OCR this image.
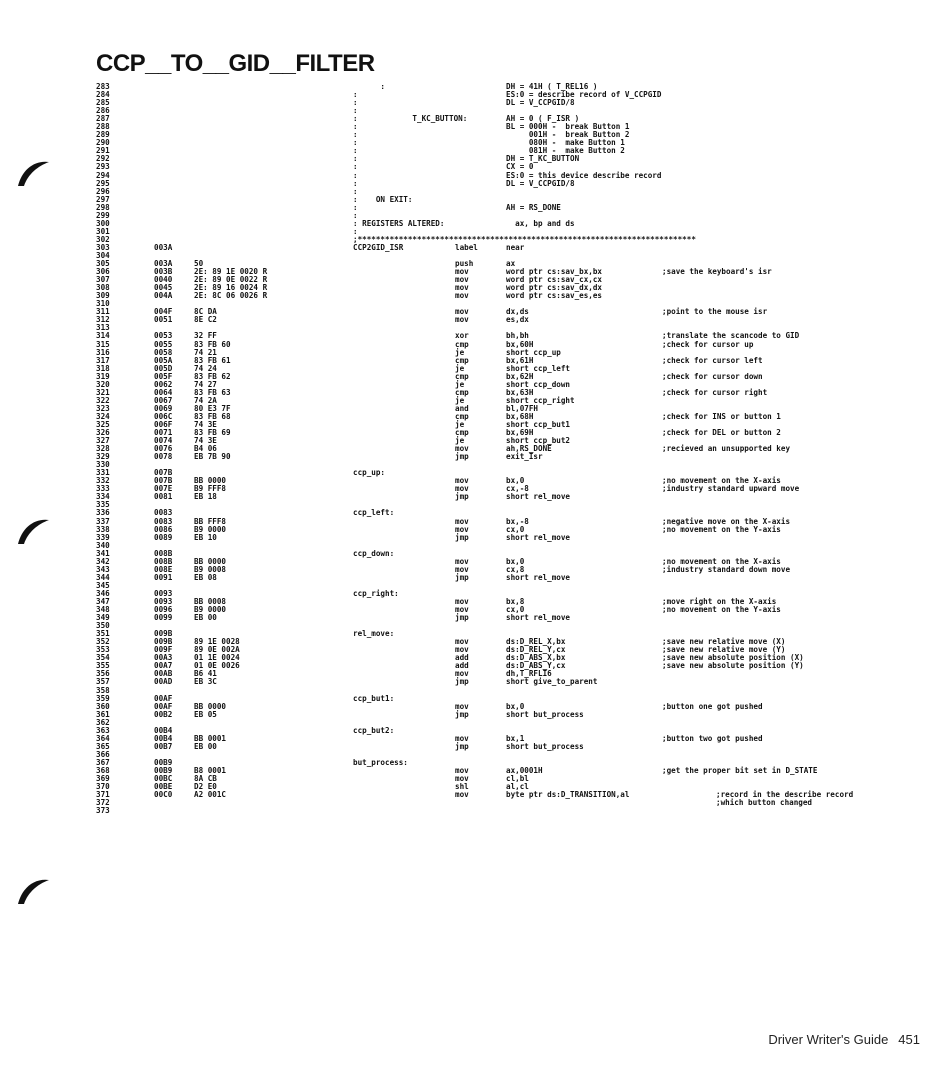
CCP__TO__GID__FILTER
283	      :	DH = 41H ( T_REL16 )
284	:	ES:0 = describe record of V_CCPGID
285	:	DL = V_CCPGID/8
286	:
287	:            T_KC_BUTTON:	AH = 0 ( F_ISR )
288	:	BL = 000H -  break Button 1
289	:	001H -  break Button 2
290	:	080H -  make Button 1
291	:	081H -  make Button 2
292	:	DH = T_KC_BUTTON
293	:	CX = 0
294	:	ES:0 = this device describe record
295	:	DL = V_CCPGID/8
296	:
297	:    ON EXIT:
298	:	AH = RS_DONE
299	:
300	: REGISTERS ALTERED:	ax, bp and ds
301	:
302	;**************************************************************************
303	003A	CCP2GID_ISR	label	near
304
305	003A	50	push	ax
306	003B	2E: 89 1E 0020 R	mov	word ptr cs:sav_bx,bx	;save the keyboard's isr
307	0040	2E: 89 0E 0022 R	mov	word ptr cs:sav_cx,cx
308	0045	2E: 89 16 0024 R	mov	word ptr cs:sav_dx,dx
309	004A	2E: 8C 06 0026 R	mov	word ptr cs:sav_es,es
310
311	004F	8C DA	mov	dx,ds	;point to the mouse isr
312	0051	8E C2	mov	es,dx
313
314	0053	32 FF	xor	bh,bh	;translate the scancode to GID
315	0055	83 FB 60	cmp	bx,60H	;check for cursor up
316	0058	74 21	je	short ccp_up
317	005A	83 FB 61	cmp	bx,61H	;check for cursor left
318	005D	74 24	je	short ccp_left
319	005F	83 FB 62	cmp	bx,62H	;check for cursor down
320	0062	74 27	je	short ccp_down
321	0064	83 FB 63	cmp	bx,63H	;check for cursor right
322	0067	74 2A	je	short ccp_right
323	0069	80 E3 7F	and	bl,07FH
324	006C	83 FB 68	cmp	bx,68H	;check for INS or button 1
325	006F	74 3E	je	short ccp_but1
326	0071	83 FB 69	cmp	bx,69H	;check for DEL or button 2
327	0074	74 3E	je	short ccp_but2
328	0076	B4 06	mov	ah,RS_DONE	;recieved an unsupported key
329	0078	EB 7B 90	jmp	exit_Isr
330
331	007B	ccp_up:
332	007B	BB 0000	mov	bx,0	;no movement on the X-axis
333	007E	B9 FFF8	mov	cx,-8	;industry standard upward move
334	0081	EB 18	jmp	short rel_move
335
336	0083	ccp_left:
337	0083	BB FFF8	mov	bx,-8	;negative move on the X-axis
338	0086	B9 0000	mov	cx,0	;no movement on the Y-axis
339	0089	EB 10	jmp	short rel_move
340
341	008B	ccp_down:
342	008B	BB 0000	mov	bx,0	;no movement on the X-axis
343	008E	B9 0008	mov	cx,8	;industry standard down move
344	0091	EB 08	jmp	short rel_move
345
346	0093	ccp_right:
347	0093	BB 0008	mov	bx,8	;move right on the X-axis
348	0096	B9 0000	mov	cx,0	;no movement on the Y-axis
349	0099	EB 00	jmp	short rel_move
350
351	009B	rel_move:
352	009B	89 1E 0028	mov	ds:D_REL_X,bx	;save new relative move (X)
353	009F	89 0E 002A	mov	ds:D_REL_Y,cx	;save new relative move (Y)
354	00A3	01 1E 0024	add	ds:D_ABS_X,bx	;save new absolute position (X)
355	00A7	01 0E 0026	add	ds:D_ABS_Y,cx	;save new absolute position (Y)
356	00AB	B6 41	mov	dh,T_RFLI6
357	00AD	EB 3C	jmp	short give_to_parent
358
359	00AF	ccp_but1:
360	00AF	BB 0000	mov	bx,0	;button one got pushed
361	00B2	EB 05	jmp	short but_process
362
363	00B4	ccp_but2:
364	00B4	BB 0001	mov	bx,1	;button two got pushed
365	00B7	EB 00	jmp	short but_process
366
367	00B9	but_process:
368	00B9	B8 0001	mov	ax,0001H	;get the proper bit set in D_STATE
369	00BC	8A CB	mov	cl,bl
370	00BE	D2 E0	shl	al,cl
371	00C0	A2 001C	mov	byte ptr ds:D_TRANSITION,al	;record in the describe record
372	;which button changed
373
Driver Writer's Guide 451
